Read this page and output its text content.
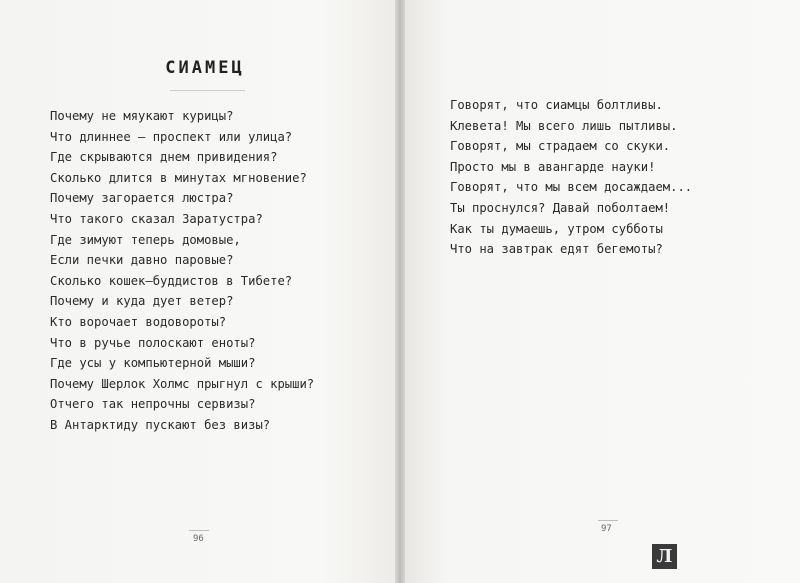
СИАМЕЦ
Почему не мяукают курицы?
Что длиннее — проспект или улица?
Где скрываются днем привидения?
Сколько длится в минутах мгновение?
Почему загорается люстра?
Что такого сказал Заратустра?
Где зимуют теперь домовые,
Если печки давно паровые?
Сколько кошек–буддистов в Тибете?
Почему и куда дует ветер?
Кто ворочает водовороты?
Что в ручье полоскают еноты?
Где усы у компьютерной мыши?
Почему Шерлок Холмс прыгнул с крыши?
Отчего так непрочны сервизы?
В Антарктиду пускают без визы?
96
Говорят, что сиамцы болтливы.
Клевета! Мы всего лишь пытливы.
Говорят, мы страдаем со скуки.
Просто мы в авангарде науки!
Говорят, что мы всем досаждаем...
Ты проснулся? Давай поболтаем!
Как ты думаешь, утром субботы
Что на завтрак едят бегемоты?
97
Л
